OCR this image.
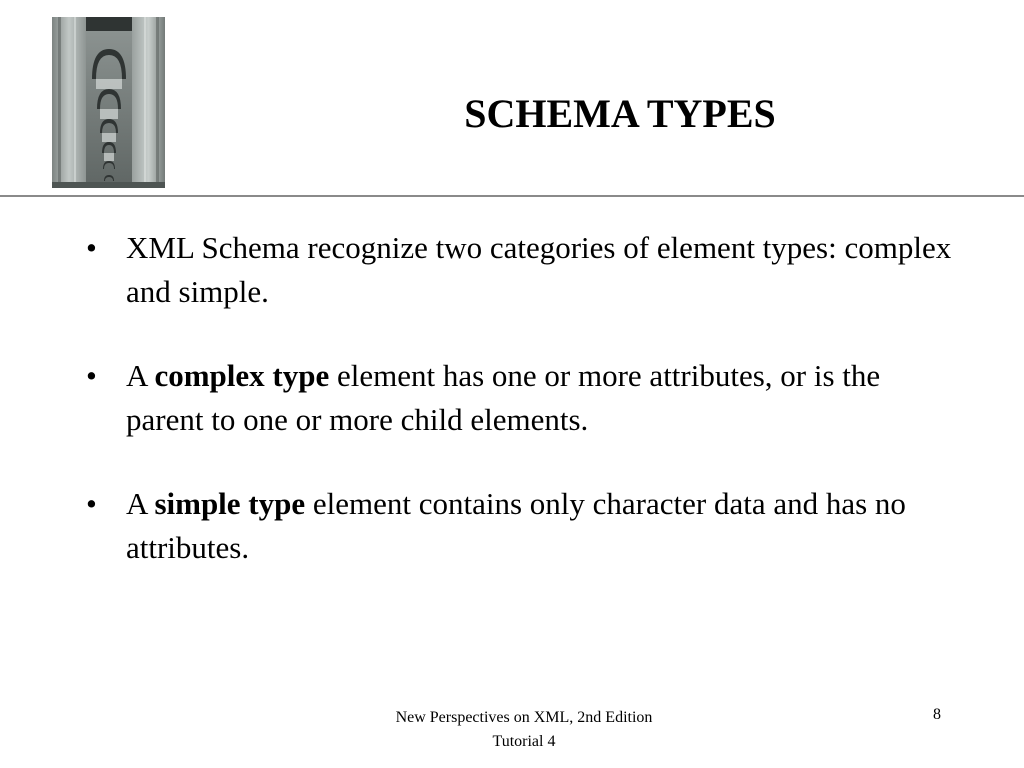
SCHEMA TYPES
• XML Schema recognize two categories of element types: complex and simple.
• A complex type element has one or more attributes, or is the parent to one or more child elements.
• A simple type element contains only character data and has no attributes.
New Perspectives on XML, 2nd Edition
Tutorial 4
8
